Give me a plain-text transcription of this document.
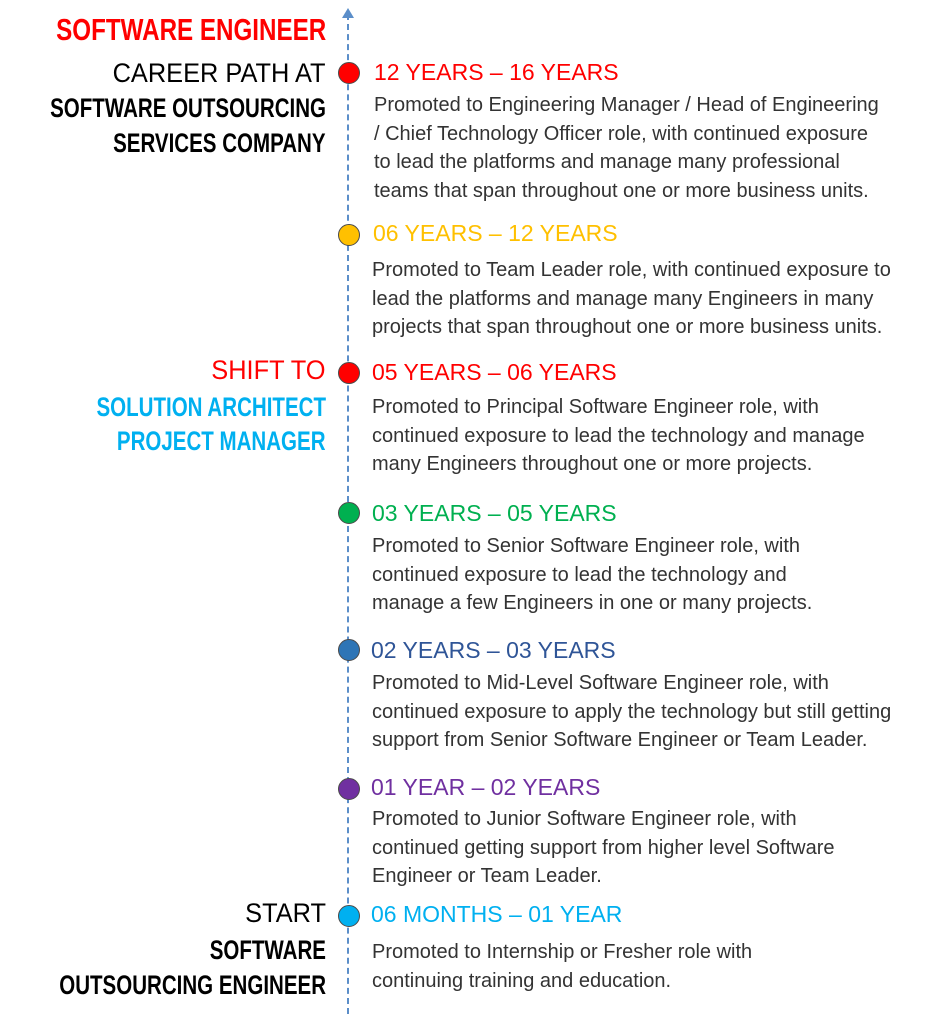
SOFTWARE ENGINEER
CAREER PATH AT
SOFTWARE OUTSOURCING
SERVICES COMPANY
SHIFT TO
SOLUTION ARCHITECT
PROJECT MANAGER
START
SOFTWARE
OUTSOURCING ENGINEER
12 YEARS – 16 YEARS
Promoted to Engineering Manager / Head of Engineering
/ Chief Technology Officer role, with continued exposure
to lead the platforms and manage many professional
teams that span throughout one or more business units.
06 YEARS – 12 YEARS
Promoted to Team Leader role, with continued exposure to
lead the platforms and manage many Engineers in many
projects that span throughout one or more business units.
05 YEARS – 06 YEARS
Promoted to Principal Software Engineer role, with
continued exposure to lead the technology and manage
many Engineers throughout one or more projects.
03 YEARS – 05 YEARS
Promoted to Senior Software Engineer role, with
continued exposure to lead the technology and
manage a few Engineers in one or many projects.
02 YEARS – 03 YEARS
Promoted to Mid-Level Software Engineer role, with
continued exposure to apply the technology but still getting
support from Senior Software Engineer or Team Leader.
01 YEAR – 02 YEARS
Promoted to Junior Software Engineer role, with
continued getting support from higher level Software
Engineer or Team Leader.
06 MONTHS – 01 YEAR
Promoted to Internship or Fresher role with
continuing training and education.
